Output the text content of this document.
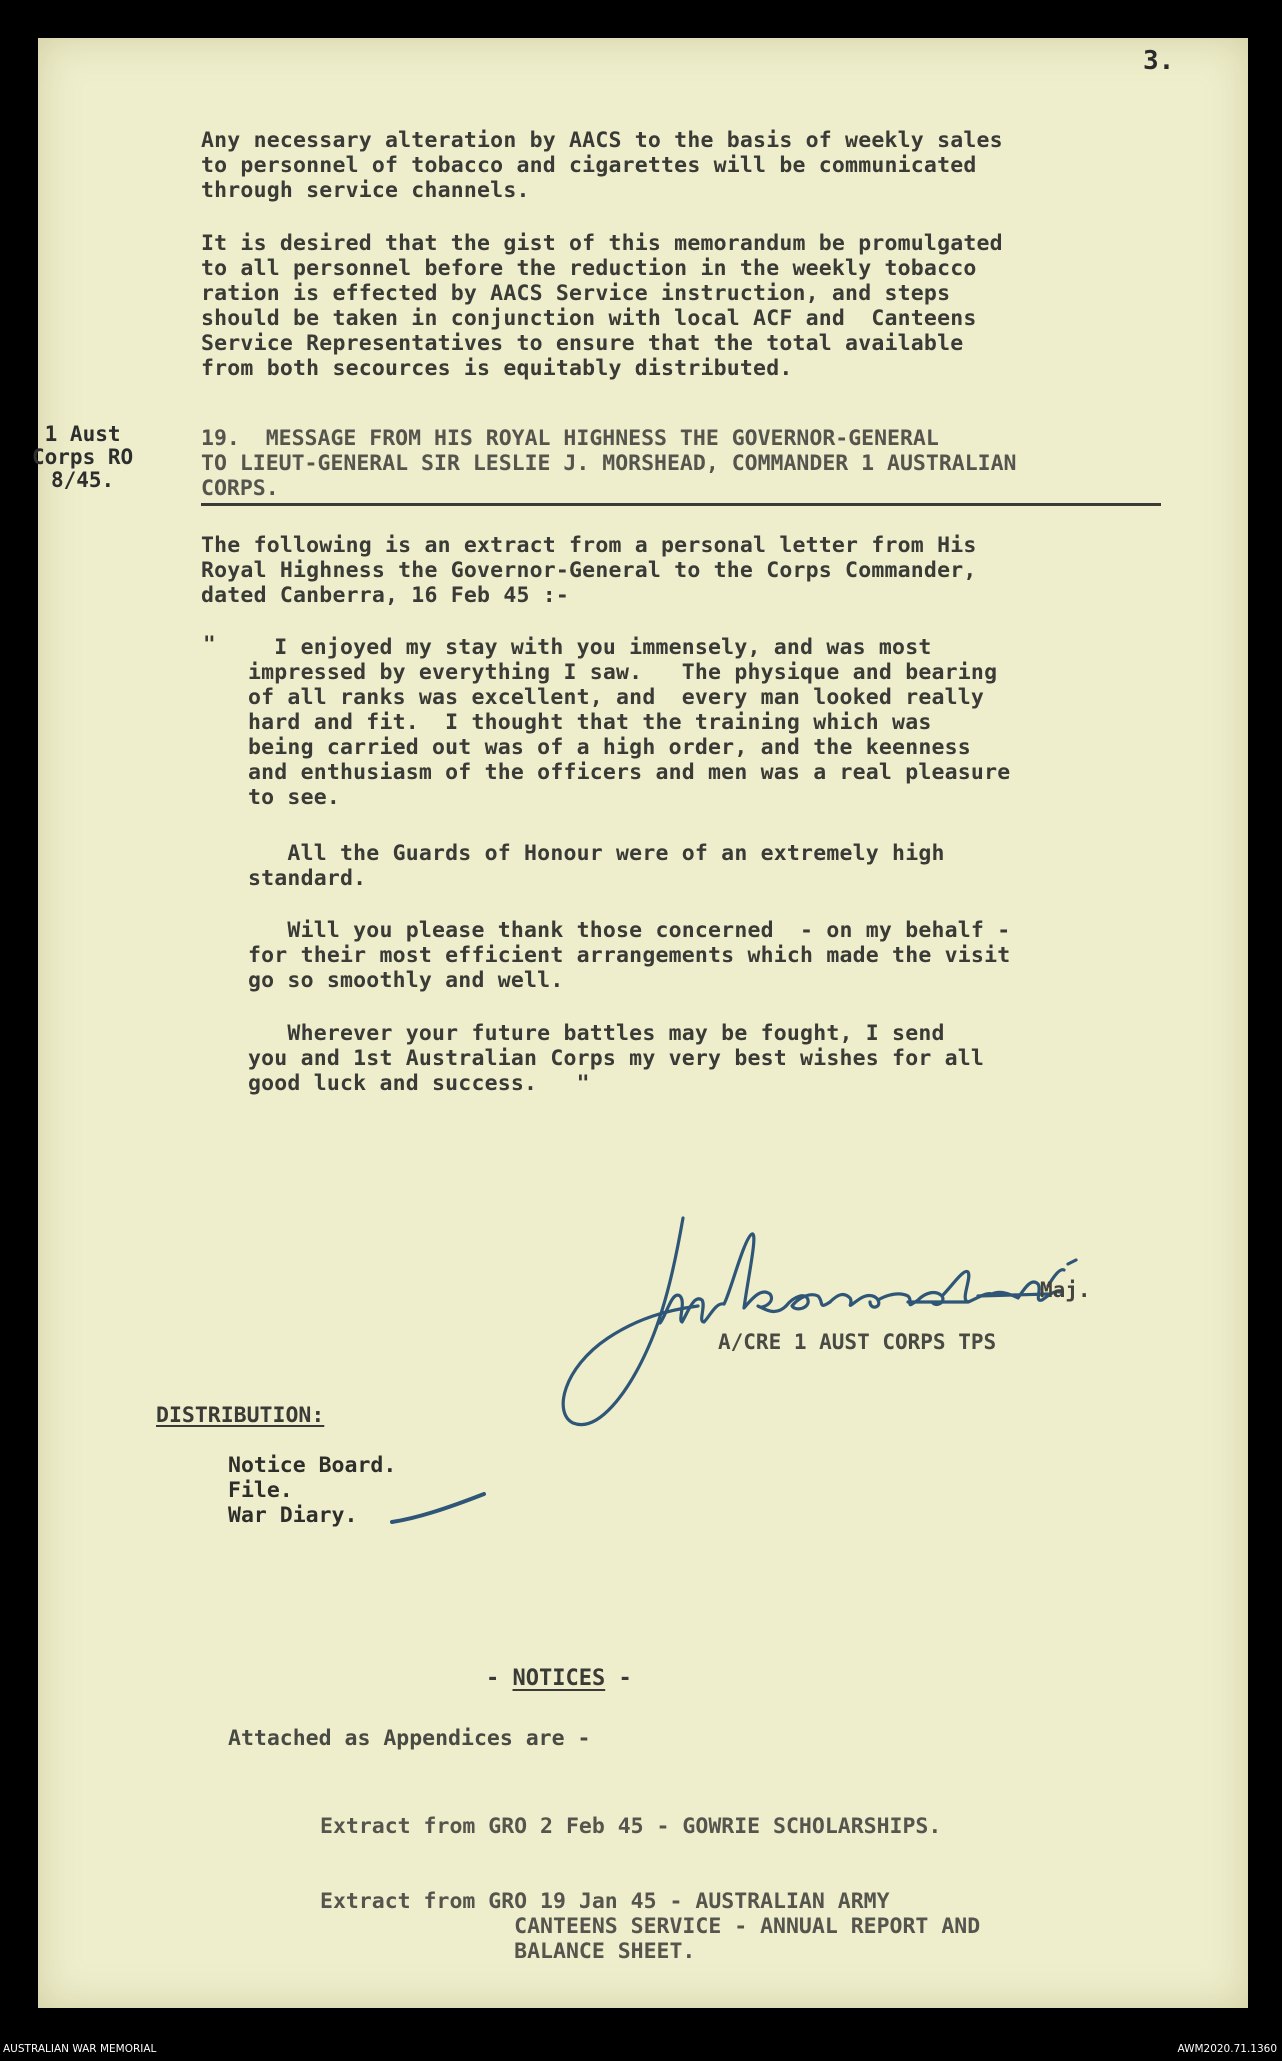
3.
Any necessary alteration by AACS to the basis of weekly sales
to personnel of tobacco and cigarettes will be communicated
through service channels.
It is desired that the gist of this memorandum be promulgated
to all personnel before the reduction in the weekly tobacco
ration is effected by AACS Service instruction, and steps
should be taken in conjunction with local ACF and  Canteens
Service Representatives to ensure that the total available
from both secources is equitably distributed.
1 Aust
Corps RO
8/45.
19.  MESSAGE FROM HIS ROYAL HIGHNESS THE GOVERNOR-GENERAL
TO LIEUT-GENERAL SIR LESLIE J. MORSHEAD, COMMANDER 1 AUSTRALIAN
CORPS.
The following is an extract from a personal letter from His
Royal Highness the Governor-General to the Corps Commander,
dated Canberra, 16 Feb 45 :-
"	I enjoyed my stay with you immensely, and was most
impressed by everything I saw.   The physique and bearing
of all ranks was excellent, and  every man looked really
hard and fit.  I thought that the training which was
being carried out was of a high order, and the keenness
and enthusiasm of the officers and men was a real pleasure
to see.
All the Guards of Honour were of an extremely high
standard.
Will you please thank those concerned  - on my behalf -
for their most efficient arrangements which made the visit
go so smoothly and well.
Wherever your future battles may be fought, I send
you and 1st Australian Corps my very best wishes for all
good luck and success.   "
Maj.
A/CRE 1 AUST CORPS TPS
DISTRIBUTION:
Notice Board.
File.
War Diary.
- NOTICES -
Attached as Appendices are -

Extract from GRO 2 Feb 45 - GOWRIE SCHOLARSHIPS.

Extract from GRO 19 Jan 45 - AUSTRALIAN ARMY
CANTEENS SERVICE - ANNUAL REPORT AND
BALANCE SHEET.

AUSTRALIAN WAR MEMORIAL	AWM2020.71.1360
